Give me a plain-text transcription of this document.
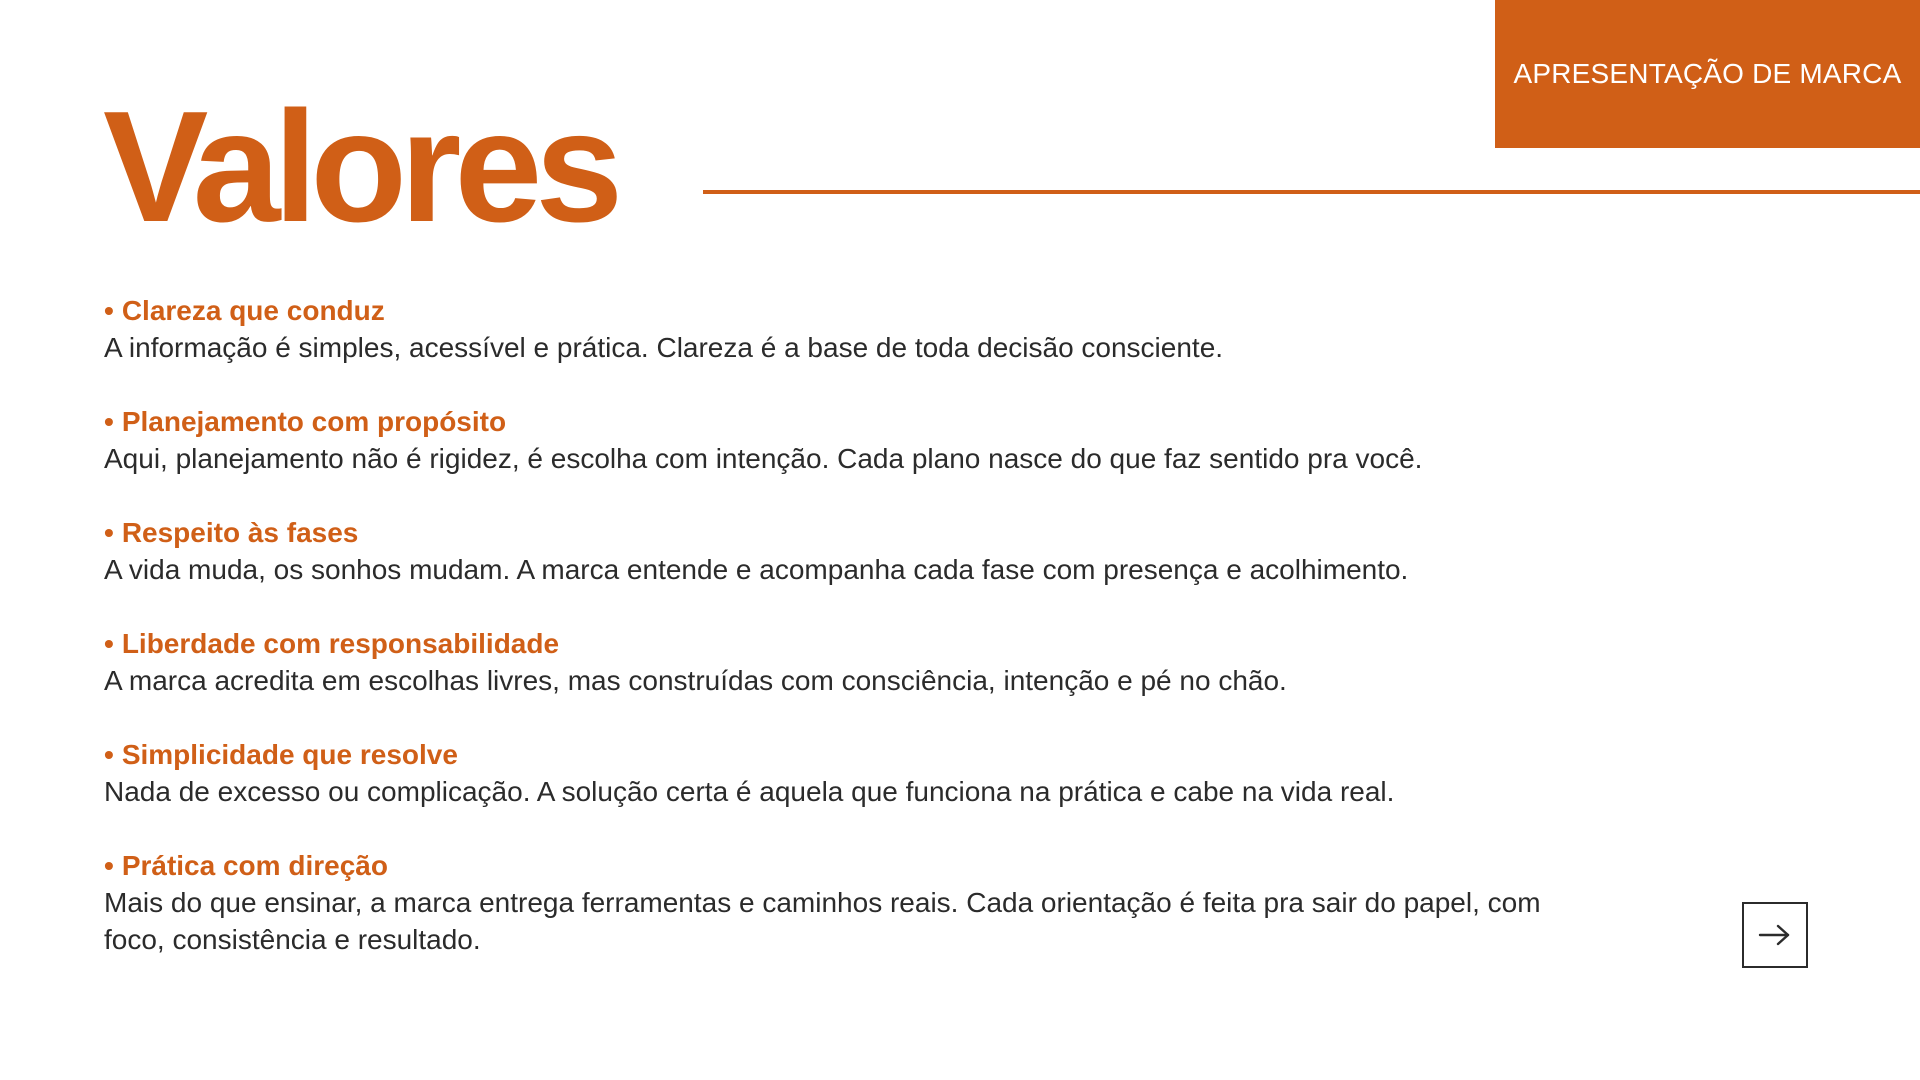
APRESENTAÇÃO DE MARCA
Valores
• Clareza que conduz
A informação é simples, acessível e prática. Clareza é a base de toda decisão consciente.
• Planejamento com propósito
Aqui, planejamento não é rigidez, é escolha com intenção. Cada plano nasce do que faz sentido pra você.
• Respeito às fases
A vida muda, os sonhos mudam. A marca entende e acompanha cada fase com presença e acolhimento.
• Liberdade com responsabilidade
A marca acredita em escolhas livres, mas construídas com consciência, intenção e pé no chão.
• Simplicidade que resolve
Nada de excesso ou complicação. A solução certa é aquela que funciona na prática e cabe na vida real.
• Prática com direção
Mais do que ensinar, a marca entrega ferramentas e caminhos reais. Cada orientação é feita pra sair do papel, com foco, consistência e resultado.
